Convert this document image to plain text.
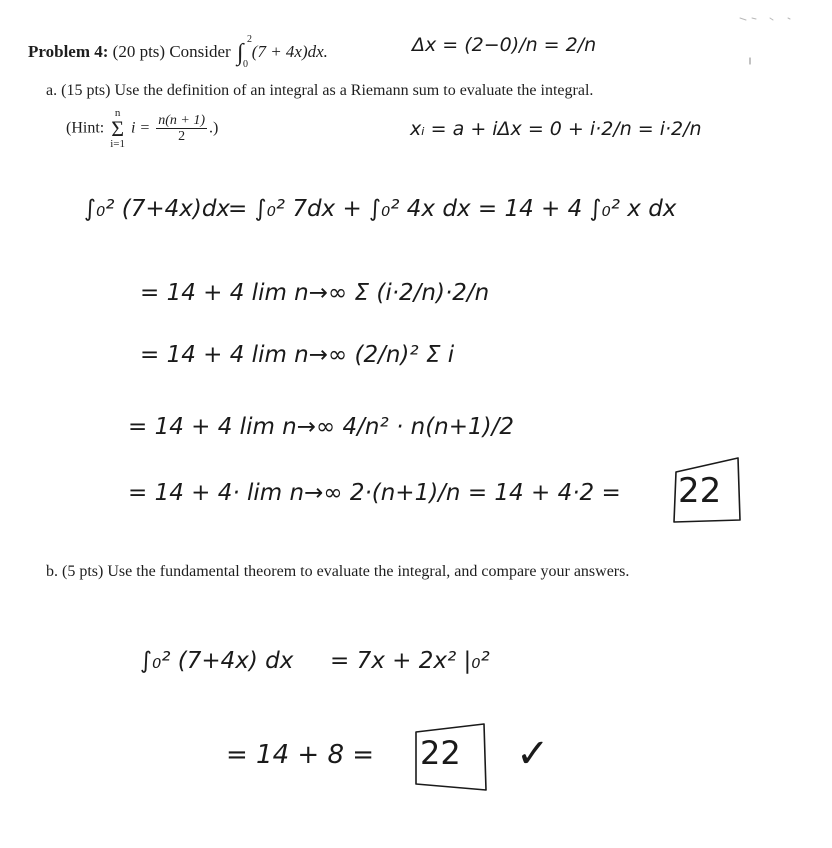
Problem 4: (20 pts) Consider ∫
2
0
(7 + 4x)dx.
a. (15 pts) Use the definition of an integral as a Riemann sum to evaluate the integral.
(Hint: n
Σ
i=1 $i = \frac{n(n + 1)}{2}$ .)
b. (5 pts) Use the fundamental theorem to evaluate the integral, and compare your answers.
Δx = (2−0)/n = 2/n
xᵢ = a + iΔx = 0 + i·2/n = i·2/n
∫₀² (7+4x)dx
= ∫₀² 7dx + ∫₀² 4x dx = 14 + 4 ∫₀² x dx
= 14 + 4 lim n→∞ Σ (i·2/n)·2/n
= 14 + 4 lim n→∞ (2/n)² Σ i
= 14 + 4 lim n→∞ 4/n² · n(n+1)/2
= 14 + 4· lim n→∞ 2·(n+1)/n = 14 + 4·2 = 22
∫₀² (7+4x) dx = 7x + 2x² |₀²
= 14 + 8 = 22 ✓
